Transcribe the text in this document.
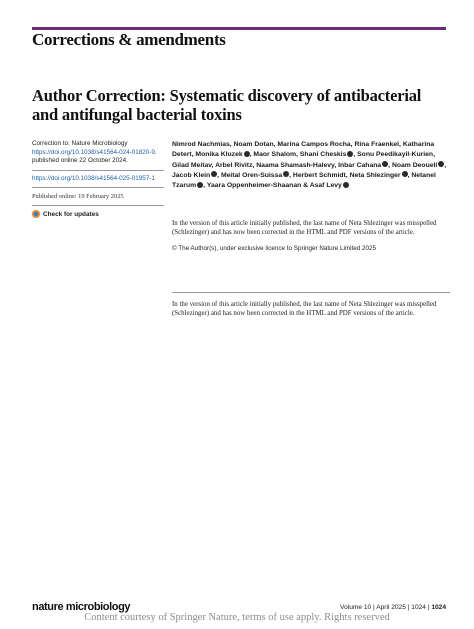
Corrections & amendments
Author Correction: Systematic discovery of antibacterial and antifungal bacterial toxins
Correction to: Nature Microbiology
https://doi.org/10.1038/s41564-024-01820-9,
published online 22 October 2024.
https://doi.org/10.1038/s41564-025-01957-1
Published online: 19 February 2025
Check for updates
Nimrod Nachmias, Noam Dotan, Marina Campos Rocha, Rina Fraenkel, Katharina Detert, Monika Kluzek , Maor Shalom, Shani Cheskis , Sonu Peedikayil-Kurien, Gilad Meitav, Arbel Rivitz, Naama Shamash-Halevy, Inbar Cahana , Noam Deouell , Jacob Klein , Meital Oren-Suissa , Herbert Schmidt, Neta Shlezinger , Netanel Tzarum , Yaara Oppenheimer-Shaanan & Asaf Levy

In the version of this article initially published, the last name of Neta Shlezinger was misspelled (Schlezinger) and has now been corrected in the HTML and PDF versions of the article.

© The Author(s), under exclusive licence to Springer Nature Limited 2025

In the version of this article initially published, the last name of Neta Shlezinger was misspelled (Schlezinger) and has now been corrected in the HTML and PDF versions of the article.
nature microbiology	Volume 10 | April 2025 | 1024 | 1024
Content courtesy of Springer Nature, terms of use apply. Rights reserved
